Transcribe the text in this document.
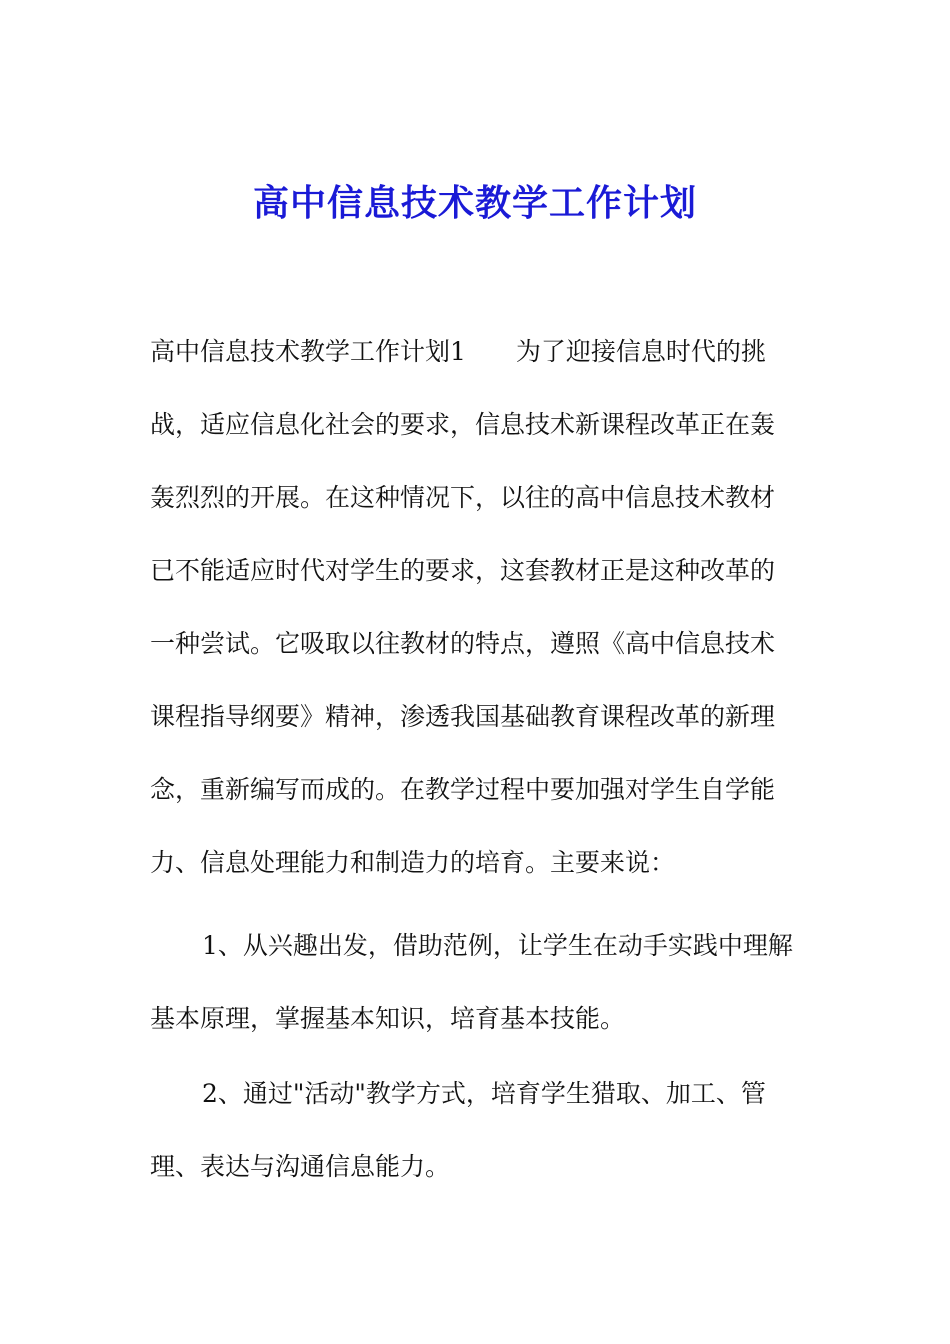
高中信息技术教学工作计划

高中信息技术教学工作计划1　　为了迎接信息时代的挑

战，适应信息化社会的要求，信息技术新课程改革正在轰

轰烈烈的开展。在这种情况下，以往的高中信息技术教材

已不能适应时代对学生的要求，这套教材正是这种改革的

一种尝试。它吸取以往教材的特点，遵照《高中信息技术

课程指导纲要》精神，渗透我国基础教育课程改革的新理

念，重新编写而成的。在教学过程中要加强对学生自学能

力、信息处理能力和制造力的培育。主要来说：

1、从兴趣出发，借助范例，让学生在动手实践中理解

基本原理，掌握基本知识，培育基本技能。

2、通过"活动"教学方式，培育学生猎取、加工、管

理、表达与沟通信息能力。
